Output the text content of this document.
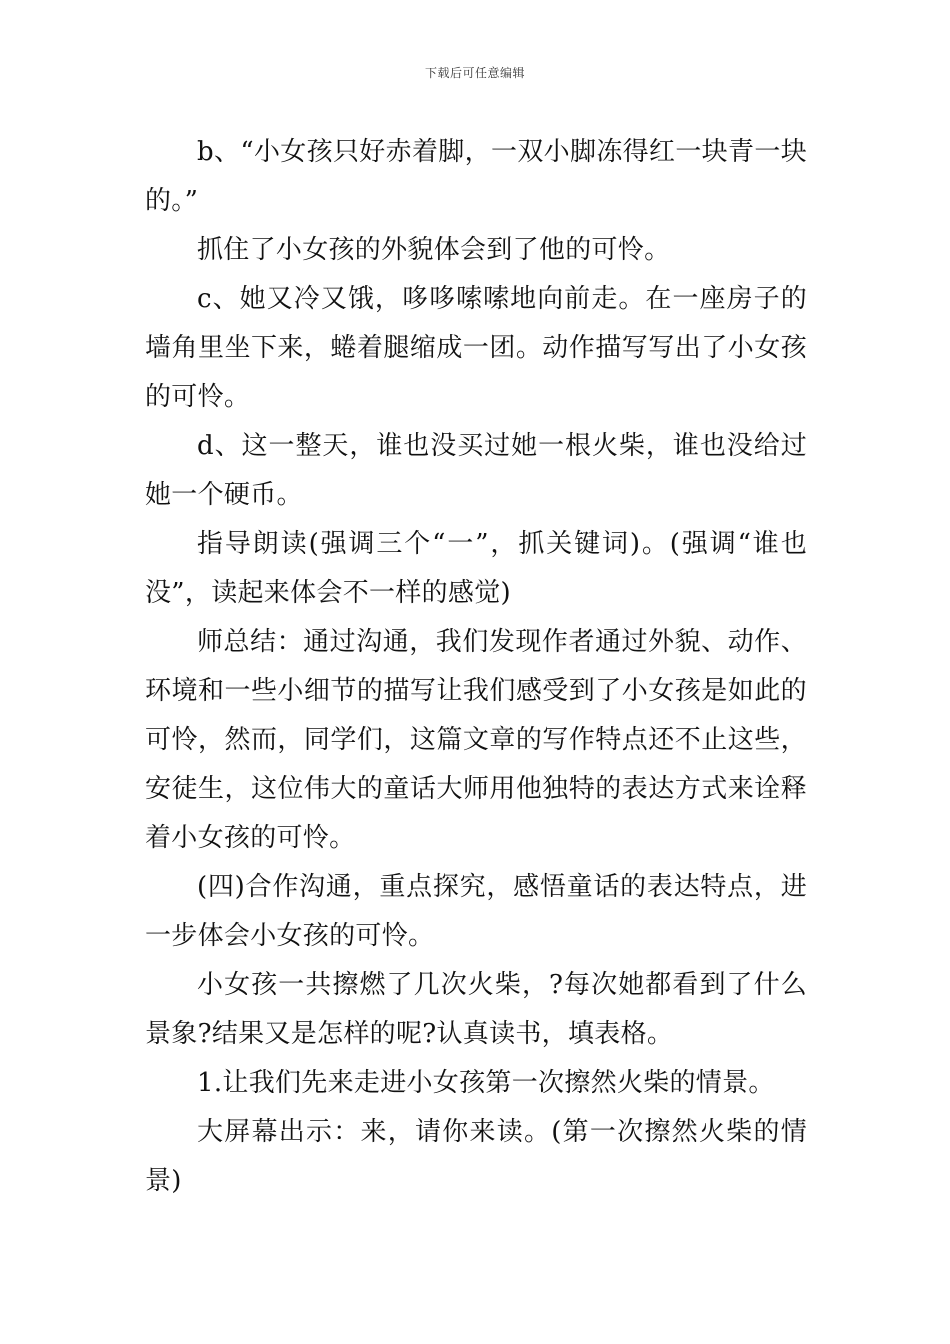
下载后可任意编辑

b、“小女孩只好赤着脚，一双小脚冻得红一块青一块的。”

抓住了小女孩的外貌体会到了他的可怜。

c、她又冷又饿，哆哆嗦嗦地向前走。在一座房子的墙角里坐下来，蜷着腿缩成一团。动作描写写出了小女孩的可怜。

d、这一整天，谁也没买过她一根火柴，谁也没给过她一个硬币。

指导朗读(强调三个“一”，抓关键词)。(强调“谁也没”，读起来体会不一样的感觉)

师总结：通过沟通，我们发现作者通过外貌、动作、环境和一些小细节的描写让我们感受到了小女孩是如此的可怜，然而，同学们，这篇文章的写作特点还不止这些，安徒生，这位伟大的童话大师用他独特的表达方式来诠释着小女孩的可怜。

(四)合作沟通，重点探究，感悟童话的表达特点，进一步体会小女孩的可怜。

小女孩一共擦燃了几次火柴，?每次她都看到了什么景象?结果又是怎样的呢?认真读书，填表格。

1.让我们先来走进小女孩第一次擦然火柴的情景。

大屏幕出示：来，请你来读。(第一次擦然火柴的情景)
